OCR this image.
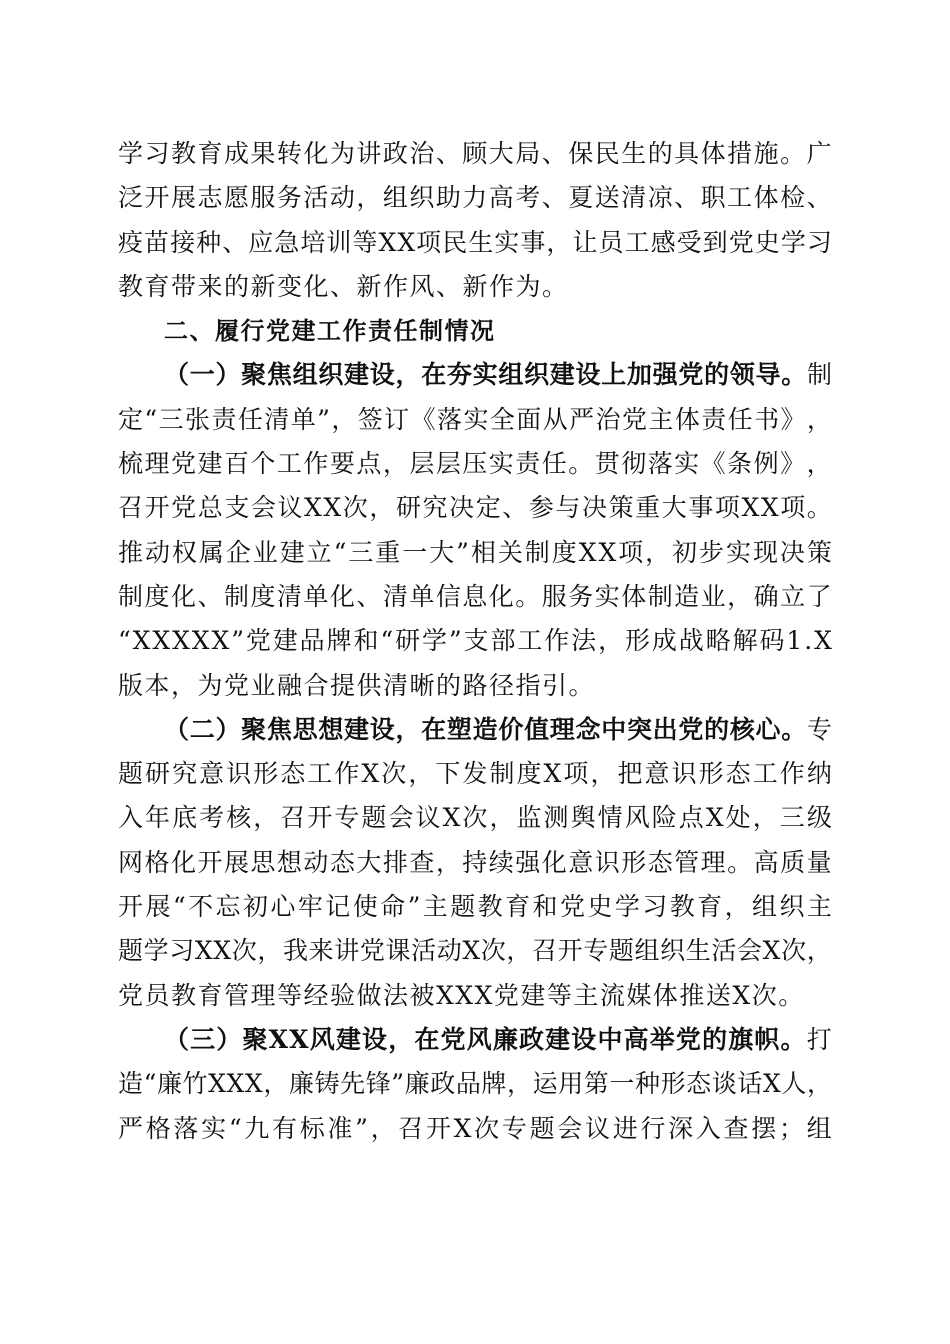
学 习 教 育 成 果 转 化 为 讲 政 治 、 顾 大 局 、 保 民 生 的 具 体 措 施 。 广
泛 开 展 志 愿 服 务 活 动 ， 组 织 助 力 高 考 、 夏 送 清 凉 、 职 工 体 检 、
疫 苗 接 种 、 应 急 培 训 等 X X 项 民 生 实 事 ， 让 员 工 感 受 到 党 史 学 习
教育带来的新变化、新作风、新作为。
二、履行党建工作责任制情况
（ 一 ） 聚 焦 组 织 建 设 ， 在 夯 实 组 织 建 设 上 加 强 党 的 领 导 。 制
定 “ 三 张 责 任 清 单 ” ， 签 订 《 落 实 全 面 从 严 治 党 主 体 责 任 书 》 ，
梳 理 党 建 百 个 工 作 要 点 ， 层 层 压 实 责 任 。 贯 彻 落 实 《 条 例 》 ，
召 开 党 总 支 会 议 X X 次 ， 研 究 决 定 、 参 与 决 策 重 大 事 项 X X 项 。
推 动 权 属 企 业 建 立 “ 三 重 一 大 ” 相 关 制 度 X X 项 ， 初 步 实 现 决 策
制 度 化 、 制 度 清 单 化 、 清 单 信 息 化 。 服 务 实 体 制 造 业 ， 确 立 了
“ X X X X X ” 党 建 品 牌 和 “ 研 学 ” 支 部 工 作 法 ， 形 成 战 略 解 码 1 . X
版本，为党业融合提供清晰的路径指引。
（ 二 ） 聚 焦 思 想 建 设 ， 在 塑 造 价 值 理 念 中 突 出 党 的 核 心 。 专
题 研 究 意 识 形 态 工 作 X 次 ， 下 发 制 度 X 项 ， 把 意 识 形 态 工 作 纳
入 年 底 考 核 ， 召 开 专 题 会 议 X 次 ， 监 测 舆 情 风 险 点 X 处 ， 三 级
网 格 化 开 展 思 想 动 态 大 排 查 ， 持 续 强 化 意 识 形 态 管 理 。 高 质 量
开 展 “ 不 忘 初 心 牢 记 使 命 ” 主 题 教 育 和 党 史 学 习 教 育 ， 组 织 主
题 学 习 X X 次 ， 我 来 讲 党 课 活 动 X 次 ， 召 开 专 题 组 织 生 活 会 X 次 ，
党员教育管理等经验做法被XXX党建等主流媒体推送X次。
（ 三 ） 聚 X X 风 建 设 ， 在 党 风 廉 政 建 设 中 高 举 党 的 旗 帜 。 打
造 “ 廉 竹 X X X ， 廉 铸 先 锋 ” 廉 政 品 牌 ， 运 用 第 一 种 形 态 谈 话 X 人 ，
严 格 落 实 “ 九 有 标 准 ” ， 召 开 X 次 专 题 会 议 进 行 深 入 查 摆 ； 组
